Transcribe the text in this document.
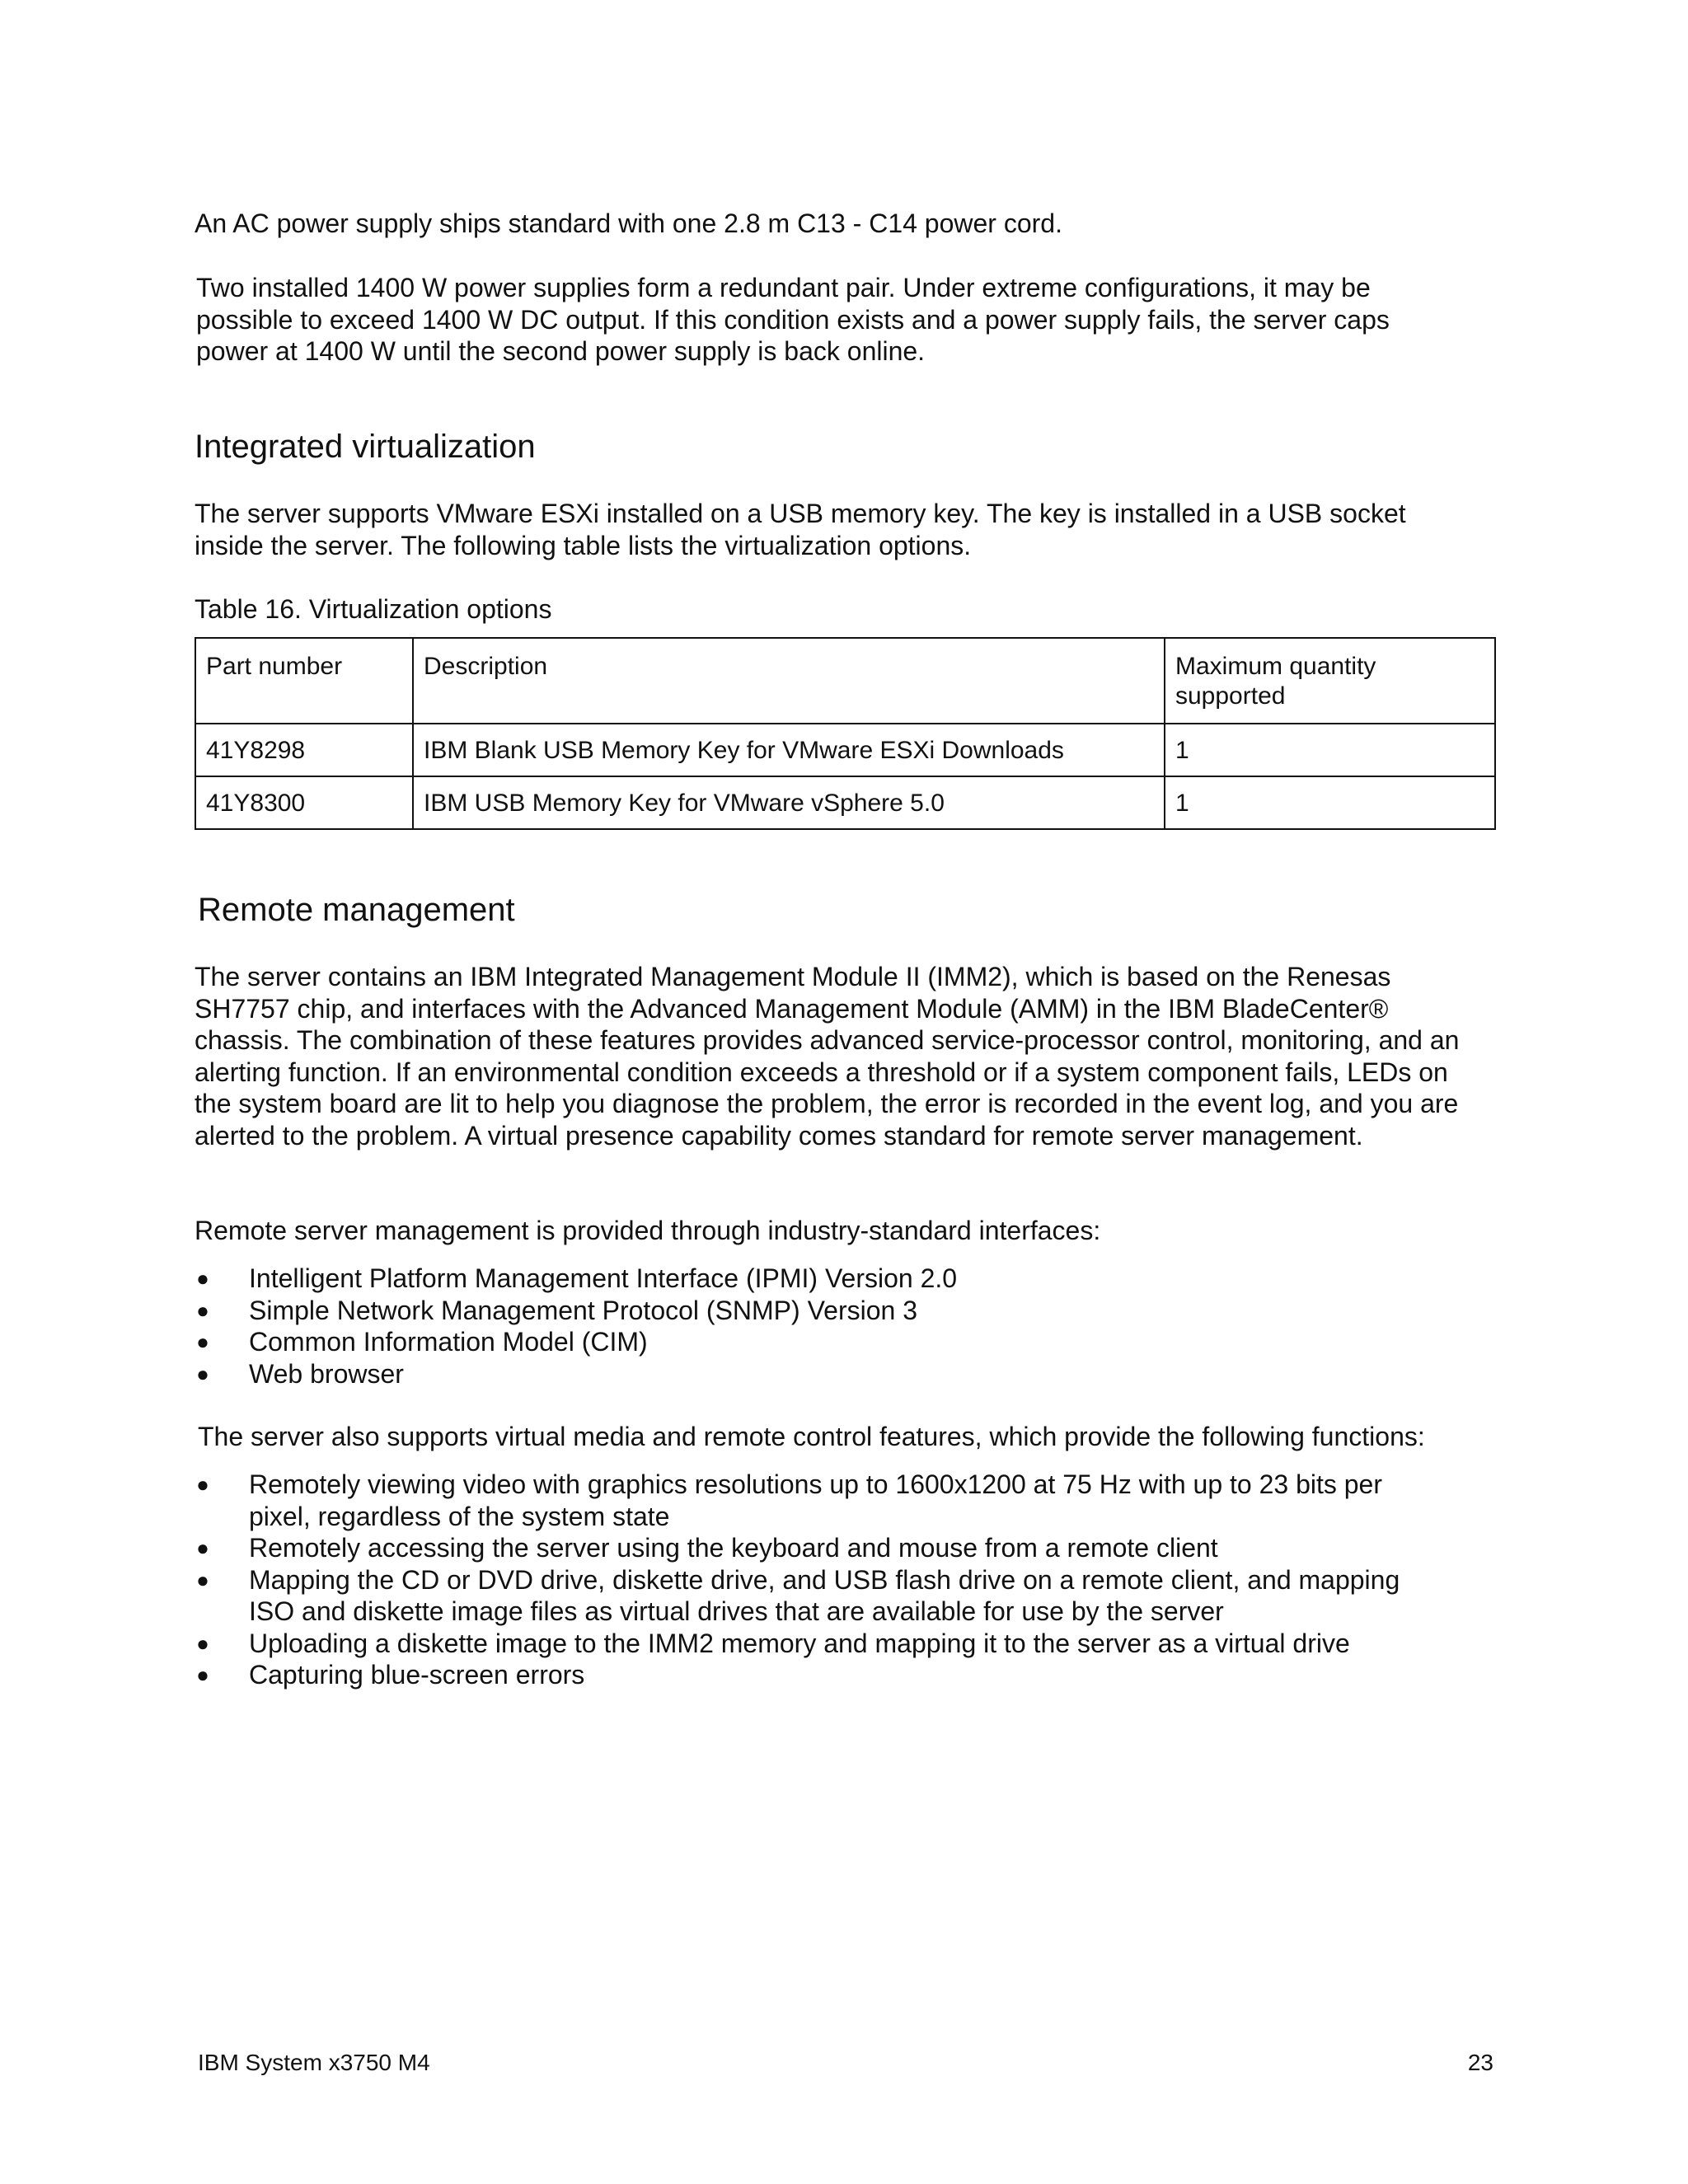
An AC power supply ships standard with one 2.8 m C13 - C14 power cord.

Two installed 1400 W power supplies form a redundant pair. Under extreme configurations, it may be possible to exceed 1400 W DC output. If this condition exists and a power supply fails, the server caps power at 1400 W until the second power supply is back online.

Integrated virtualization

The server supports VMware ESXi installed on a USB memory key. The key is installed in a USB socket inside the server. The following table lists the virtualization options.

Table 16. Virtualization options
Part number	Description	Maximum quantity supported
41Y8298	IBM Blank USB Memory Key for VMware ESXi Downloads	1
41Y8300	IBM USB Memory Key for VMware vSphere 5.0	1
Remote management

The server contains an IBM Integrated Management Module II (IMM2), which is based on the Renesas SH7757 chip, and interfaces with the Advanced Management Module (AMM) in the IBM BladeCenter® chassis. The combination of these features provides advanced service-processor control, monitoring, and an alerting function. If an environmental condition exceeds a threshold or if a system component fails, LEDs on the system board are lit to help you diagnose the problem, the error is recorded in the event log, and you are alerted to the problem. A virtual presence capability comes standard for remote server management.

Remote server management is provided through industry-standard interfaces:

● Intelligent Platform Management Interface (IPMI) Version 2.0
● Simple Network Management Protocol (SNMP) Version 3
● Common Information Model (CIM)
● Web browser

The server also supports virtual media and remote control features, which provide the following functions:

● Remotely viewing video with graphics resolutions up to 1600x1200 at 75 Hz with up to 23 bits per pixel, regardless of the system state
● Remotely accessing the server using the keyboard and mouse from a remote client
● Mapping the CD or DVD drive, diskette drive, and USB flash drive on a remote client, and mapping ISO and diskette image files as virtual drives that are available for use by the server
● Uploading a diskette image to the IMM2 memory and mapping it to the server as a virtual drive
● Capturing blue-screen errors
IBM System x3750 M4	23
